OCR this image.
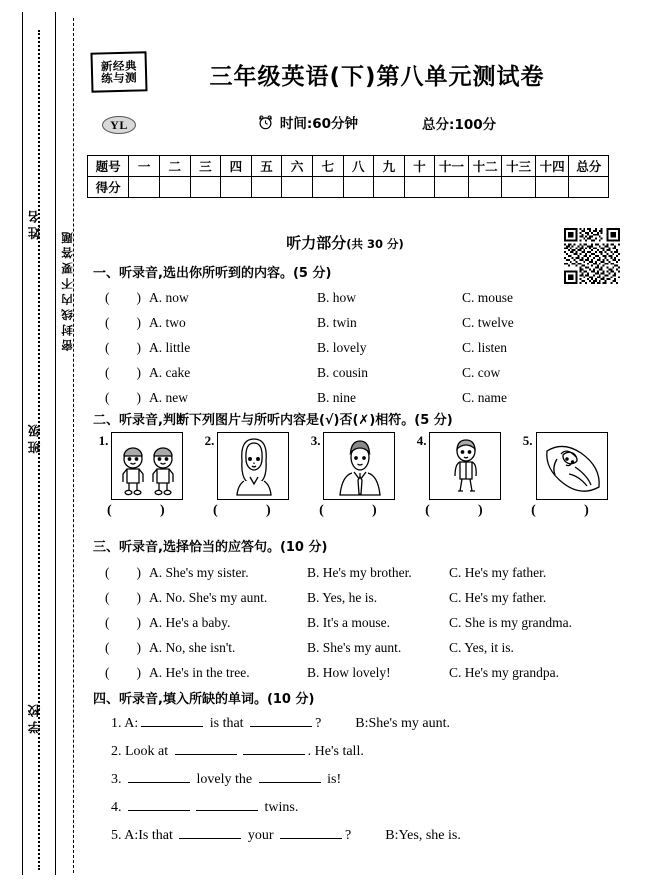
姓名
班级
学校
密封线内不要答题
新经典
练与测
YL
三年级英语(下)第八单元测试卷
时间:60分钟	总分:100分
题号	一	二	三	四	五	六	七	八	九	十	十一	十二	十三	十四	总分
得分															
听力部分(共 30 分)
一、听录音,选出你所听到的内容。(5 分)
(　　) A. now	B. how	C. mouse
(　　) A. two	B. twin	C. twelve
(　　) A. little	B. lovely	C. listen
(　　) A. cake	B. cousin	C. cow
(　　) A. new	B. nine	C. name
二、听录音,判断下列图片与所听内容是(√)否(✗)相符。(5 分)
1.
( )
2.
( )
3.
( )
4.
( )
5.
( )
三、听录音,选择恰当的应答句。(10 分)
(　　) A. She's my sister.	B. He's my brother.	C. He's my father.
(　　) A. No. She's my aunt.	B. Yes, he is.	C. He's my father.
(　　) A. He's a baby.	B. It's a mouse.	C. She is my grandma.
(　　) A. No, she isn't.	B. She's my aunt.	C. Yes, it is.
(　　) A. He's in the tree.	B. How lovely!	C. He's my grandpa.
四、听录音,填入所缺的单词。(10 分)
1. A:	is that	? B:She's my aunt.
2. Look at	. He's tall.
3.	lovely the	is!
4.	twins.
5. A:Is that	your	? B:Yes, she is.
